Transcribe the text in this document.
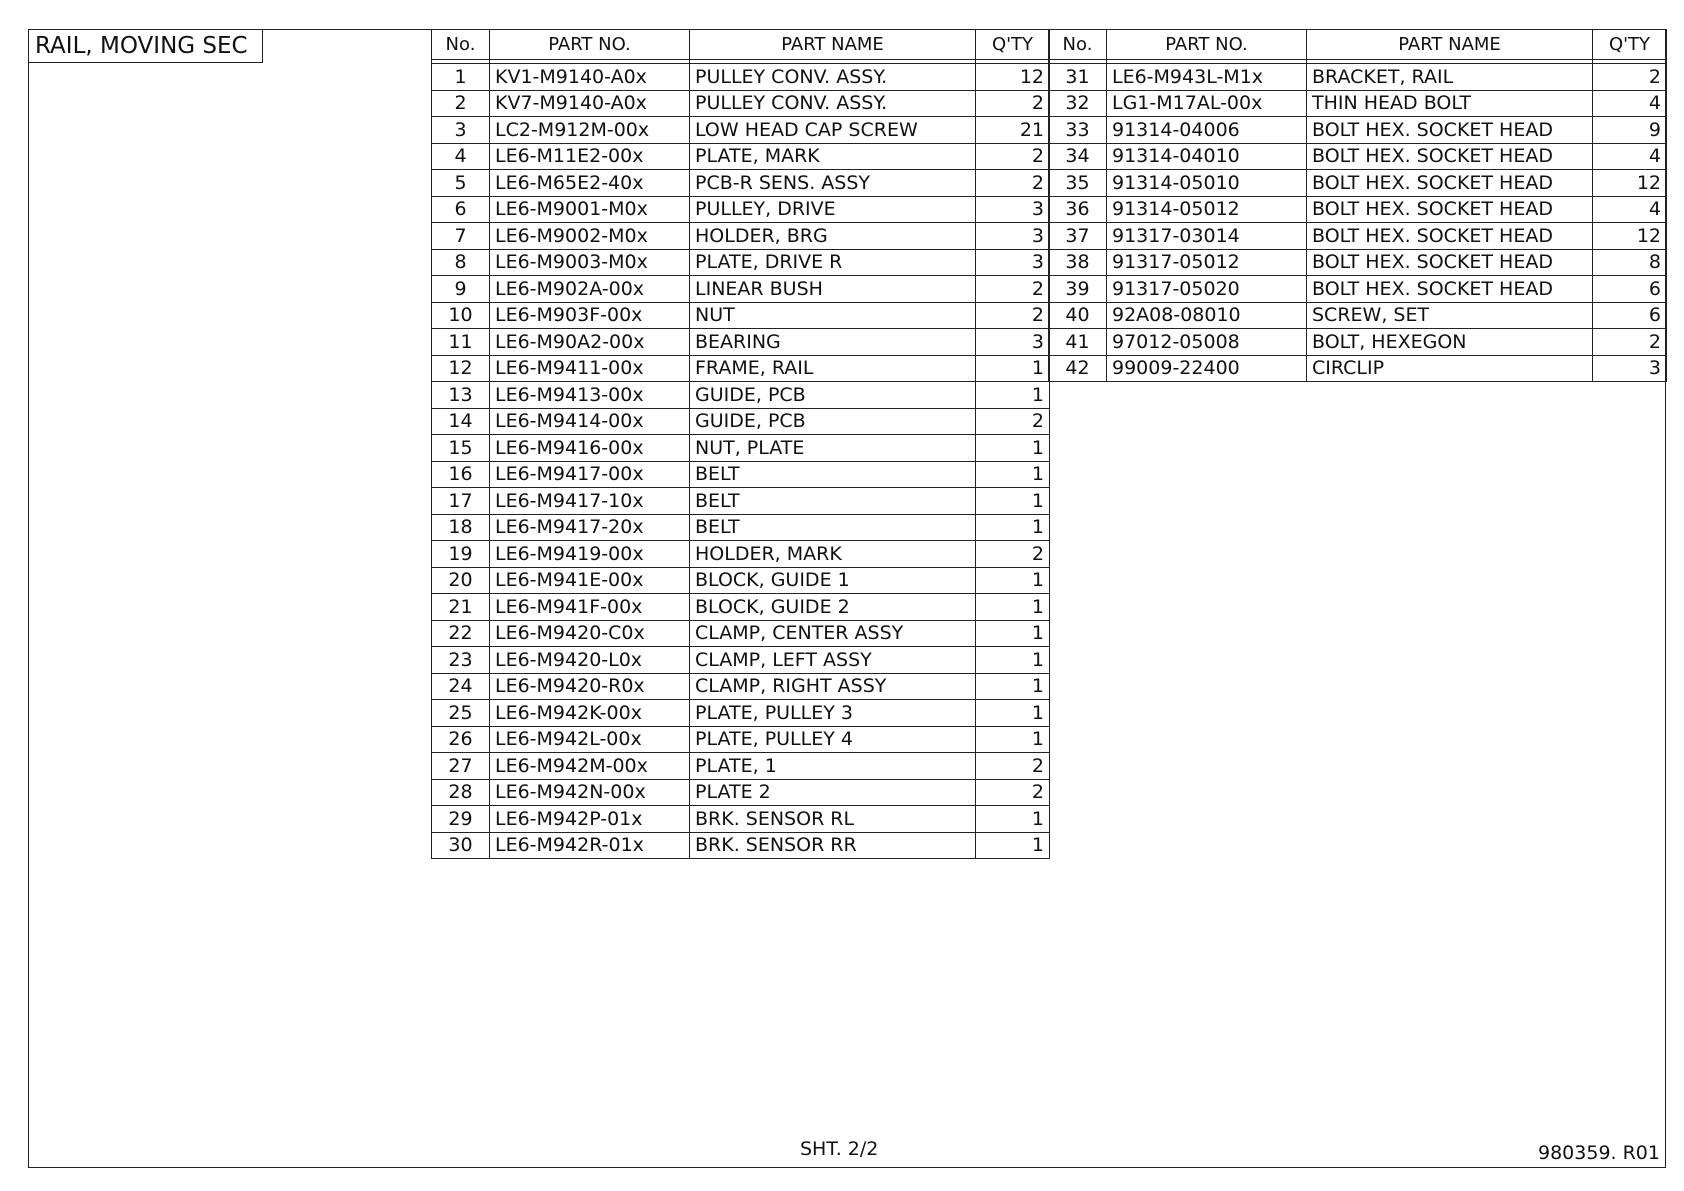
RAIL, MOVING SEC	No.	PART NO.	PART NAME	Q'TY

1	KV1-M9140-A0x	PULLEY CONV. ASSY.	12
2	KV7-M9140-A0x	PULLEY CONV. ASSY.	2
3	LC2-M912M-00x	LOW HEAD CAP SCREW	21
4	LE6-M11E2-00x	PLATE, MARK	2
5	LE6-M65E2-40x	PCB-R SENS. ASSY	2
6	LE6-M9001-M0x	PULLEY, DRIVE	3
7	LE6-M9002-M0x	HOLDER, BRG	3
8	LE6-M9003-M0x	PLATE, DRIVE R	3
9	LE6-M902A-00x	LINEAR BUSH	2
10	LE6-M903F-00x	NUT	2
11	LE6-M90A2-00x	BEARING	3
12	LE6-M9411-00x	FRAME, RAIL	1
13	LE6-M9413-00x	GUIDE, PCB	1
14	LE6-M9414-00x	GUIDE, PCB	2
15	LE6-M9416-00x	NUT, PLATE	1
16	LE6-M9417-00x	BELT	1
17	LE6-M9417-10x	BELT	1
18	LE6-M9417-20x	BELT	1
19	LE6-M9419-00x	HOLDER, MARK	2
20	LE6-M941E-00x	BLOCK, GUIDE 1	1
21	LE6-M941F-00x	BLOCK, GUIDE 2	1
22	LE6-M9420-C0x	CLAMP, CENTER ASSY	1
23	LE6-M9420-L0x	CLAMP, LEFT ASSY	1
24	LE6-M9420-R0x	CLAMP, RIGHT ASSY	1
25	LE6-M942K-00x	PLATE, PULLEY 3	1
26	LE6-M942L-00x	PLATE, PULLEY 4	1
27	LE6-M942M-00x	PLATE, 1	2
28	LE6-M942N-00x	PLATE 2	2
29	LE6-M942P-01x	BRK. SENSOR RL	1
30	LE6-M942R-01x	BRK. SENSOR RR	1
No.	PART NO.	PART NAME	Q'TY

31	LE6-M943L-M1x	BRACKET, RAIL	2
32	LG1-M17AL-00x	THIN HEAD BOLT	4
33	91314-04006	BOLT HEX. SOCKET HEAD	9
34	91314-04010	BOLT HEX. SOCKET HEAD	4
35	91314-05010	BOLT HEX. SOCKET HEAD	12
36	91314-05012	BOLT HEX. SOCKET HEAD	4
37	91317-03014	BOLT HEX. SOCKET HEAD	12
38	91317-05012	BOLT HEX. SOCKET HEAD	8
39	91317-05020	BOLT HEX. SOCKET HEAD	6
40	92A08-08010	SCREW, SET	6
41	97012-05008	BOLT, HEXEGON	2
42	99009-22400	CIRCLIP	3
SHT. 2/2	980359. R01
